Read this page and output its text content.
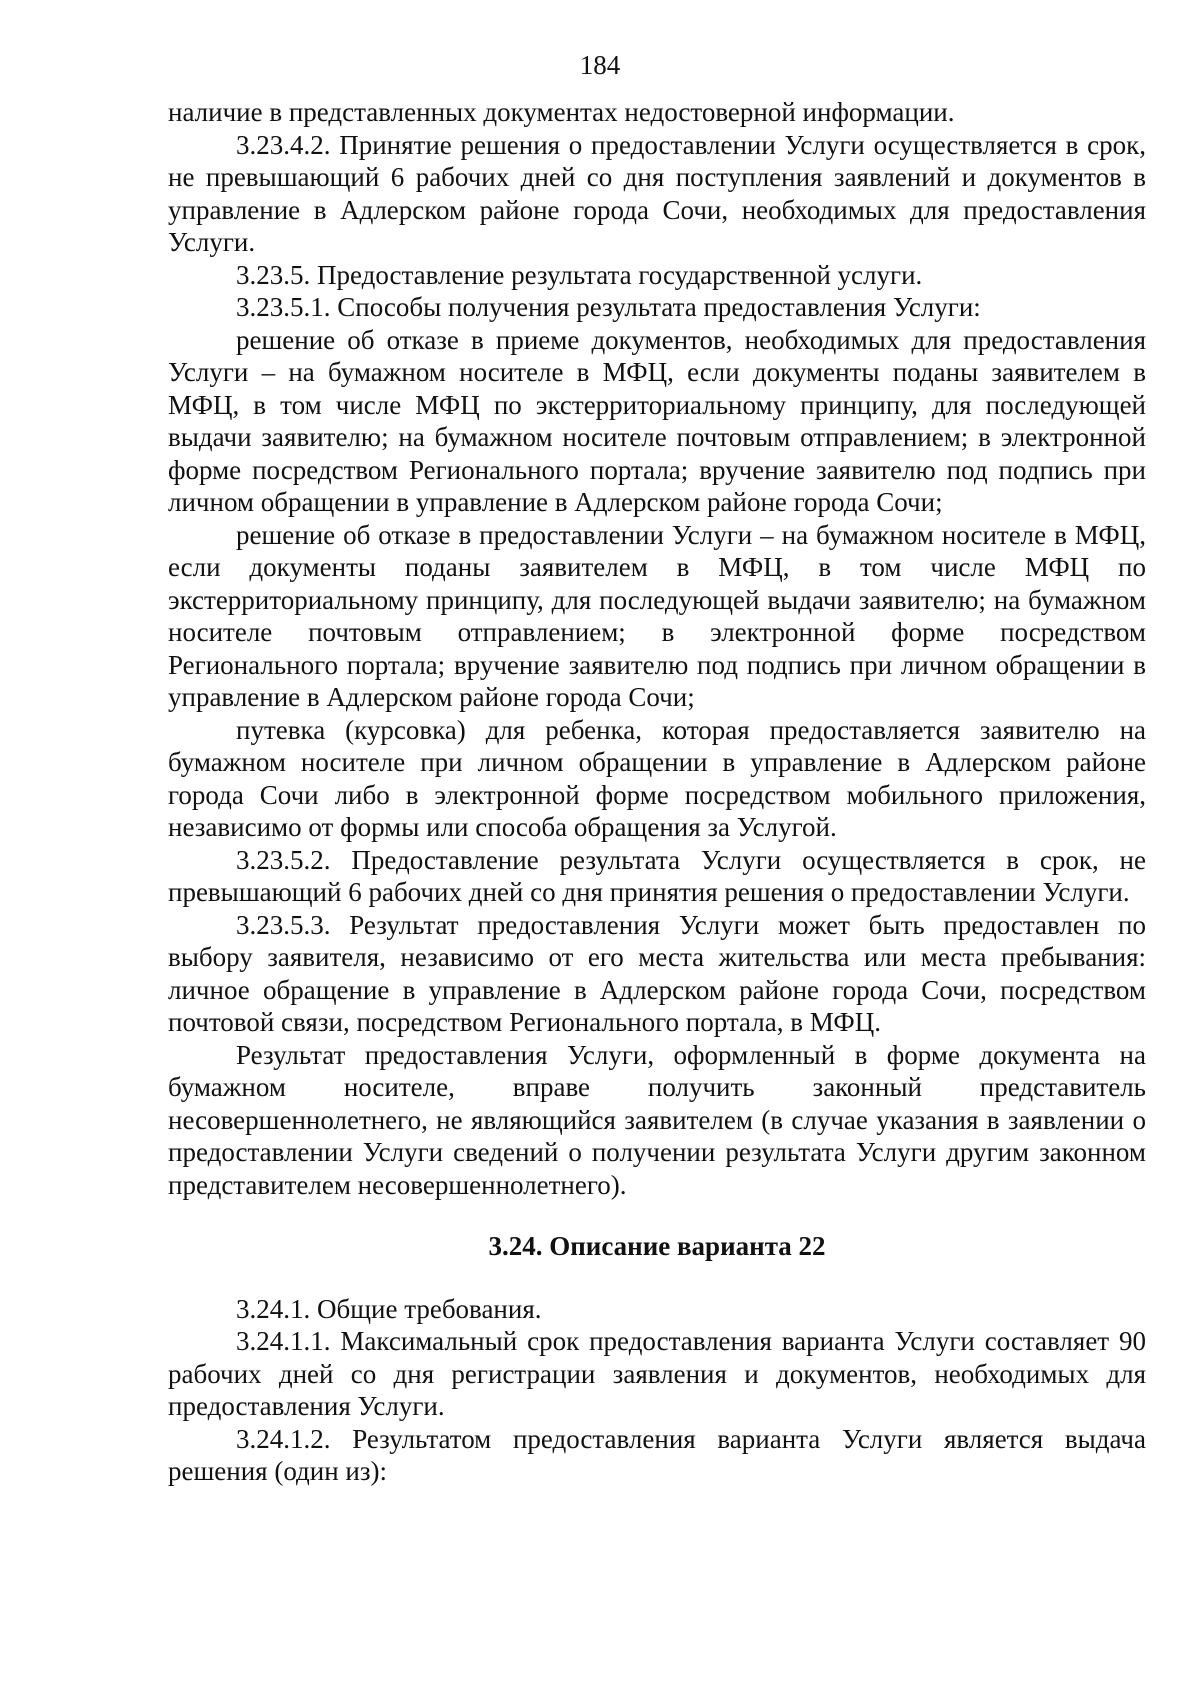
184

наличие в представленных документах недостоверной информации.

3.23.4.2. Принятие решения о предоставлении Услуги осуществляется в срок, не превышающий 6 рабочих дней со дня поступления заявлений и документов в управление в Адлерском районе города Сочи, необходимых для предоставления Услуги.

3.23.5. Предоставление результата государственной услуги.

3.23.5.1. Способы получения результата предоставления Услуги:

решение об отказе в приеме документов, необходимых для предоставления Услуги – на бумажном носителе в МФЦ, если документы поданы заявителем в МФЦ, в том числе МФЦ по экстерриториальному принципу, для последующей выдачи заявителю; на бумажном носителе почтовым отправлением; в электронной форме посредством Регионального портала; вручение заявителю под подпись при личном обращении в управление в Адлерском районе города Сочи;

решение об отказе в предоставлении Услуги – на бумажном носителе в МФЦ, если документы поданы заявителем в МФЦ, в том числе МФЦ по экстерриториальному принципу, для последующей выдачи заявителю; на бумажном носителе почтовым отправлением; в электронной форме посредством Регионального портала; вручение заявителю под подпись при личном обращении в управление в Адлерском районе города Сочи;

путевка (курсовка) для ребенка, которая предоставляется заявителю на бумажном носителе при личном обращении в управление в Адлерском районе города Сочи либо в электронной форме посредством мобильного приложения, независимо от формы или способа обращения за Услугой.

3.23.5.2. Предоставление результата Услуги осуществляется в срок, не превышающий 6 рабочих дней со дня принятия решения о предоставлении Услуги.

3.23.5.3. Результат предоставления Услуги может быть предоставлен по выбору заявителя, независимо от его места жительства или места пребывания: личное обращение в управление в Адлерском районе города Сочи, посредством почтовой связи, посредством Регионального портала, в МФЦ.

Результат предоставления Услуги, оформленный в форме документа на бумажном носителе, вправе получить законный представитель несовершеннолетнего, не являющийся заявителем (в случае указания в заявлении о предоставлении Услуги сведений о получении результата Услуги другим законном представителем несовершеннолетнего).

3.24. Описание варианта 22

3.24.1. Общие требования.

3.24.1.1. Максимальный срок предоставления варианта Услуги составляет 90 рабочих дней со дня регистрации заявления и документов, необходимых для предоставления Услуги.

3.24.1.2. Результатом предоставления варианта Услуги является выдача решения (один из):
